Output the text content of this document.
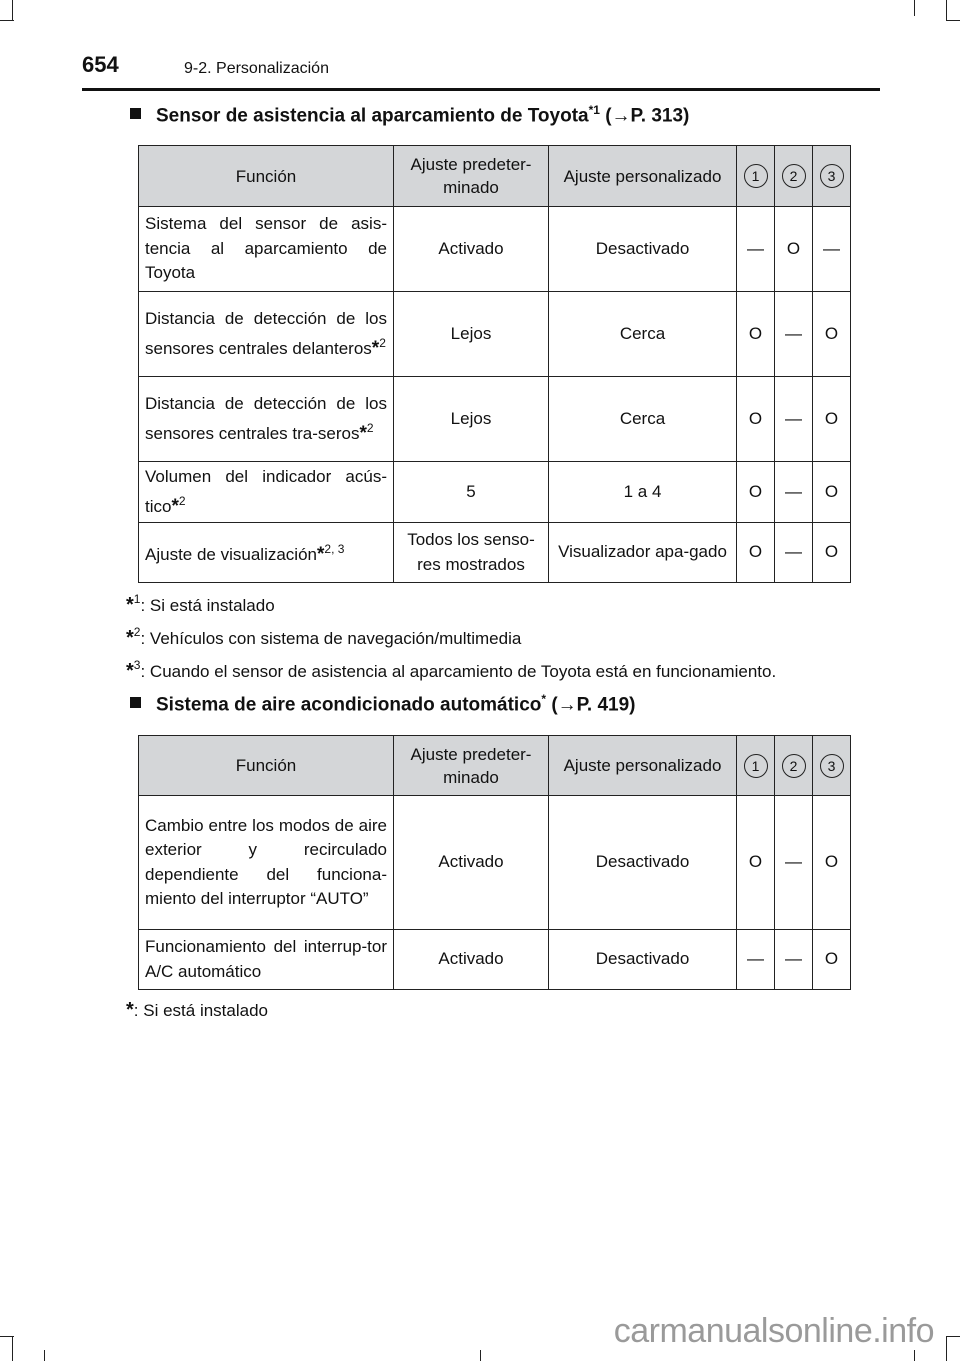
654	9-2. Personalización
Sensor de asistencia al aparcamiento de Toyota$^{*1}$ (→P. 313)
Función	Ajuste predeter-minado	Ajuste personalizado	1	2	3
Sistema del sensor de asis-tencia al aparcamiento de Toyota	Activado	Desactivado	—	O	—
Distancia de detección de los sensores centrales delanteros*$^2$	Lejos	Cerca	O	—	O
Distancia de detección de los sensores centrales tra-seros*$^2$	Lejos	Cerca	O	—	O
Volumen del indicador acús-tico*$^2$	5	1 a 4	O	—	O
Ajuste de visualización*$^{2, 3}$	Todos los senso-res mostrados	Visualizador apa-gado	O	—	O
*$^1$: Si está instalado
*$^2$: Vehículos con sistema de navegación/multimedia
*$^3$: Cuando el sensor de asistencia al aparcamiento de Toyota está en funcionamiento.
Sistema de aire acondicionado automático* (→P. 419)
Función	Ajuste predeter-minado	Ajuste personalizado	1	2	3
Cambio entre los modos de aire exterior y recirculado dependiente del funciona-miento del interruptor “AUTO”	Activado	Desactivado	O	—	O
Funcionamiento del interrup-tor A/C automático	Activado	Desactivado	—	—	O
*: Si está instalado
carmanualsonline.info
